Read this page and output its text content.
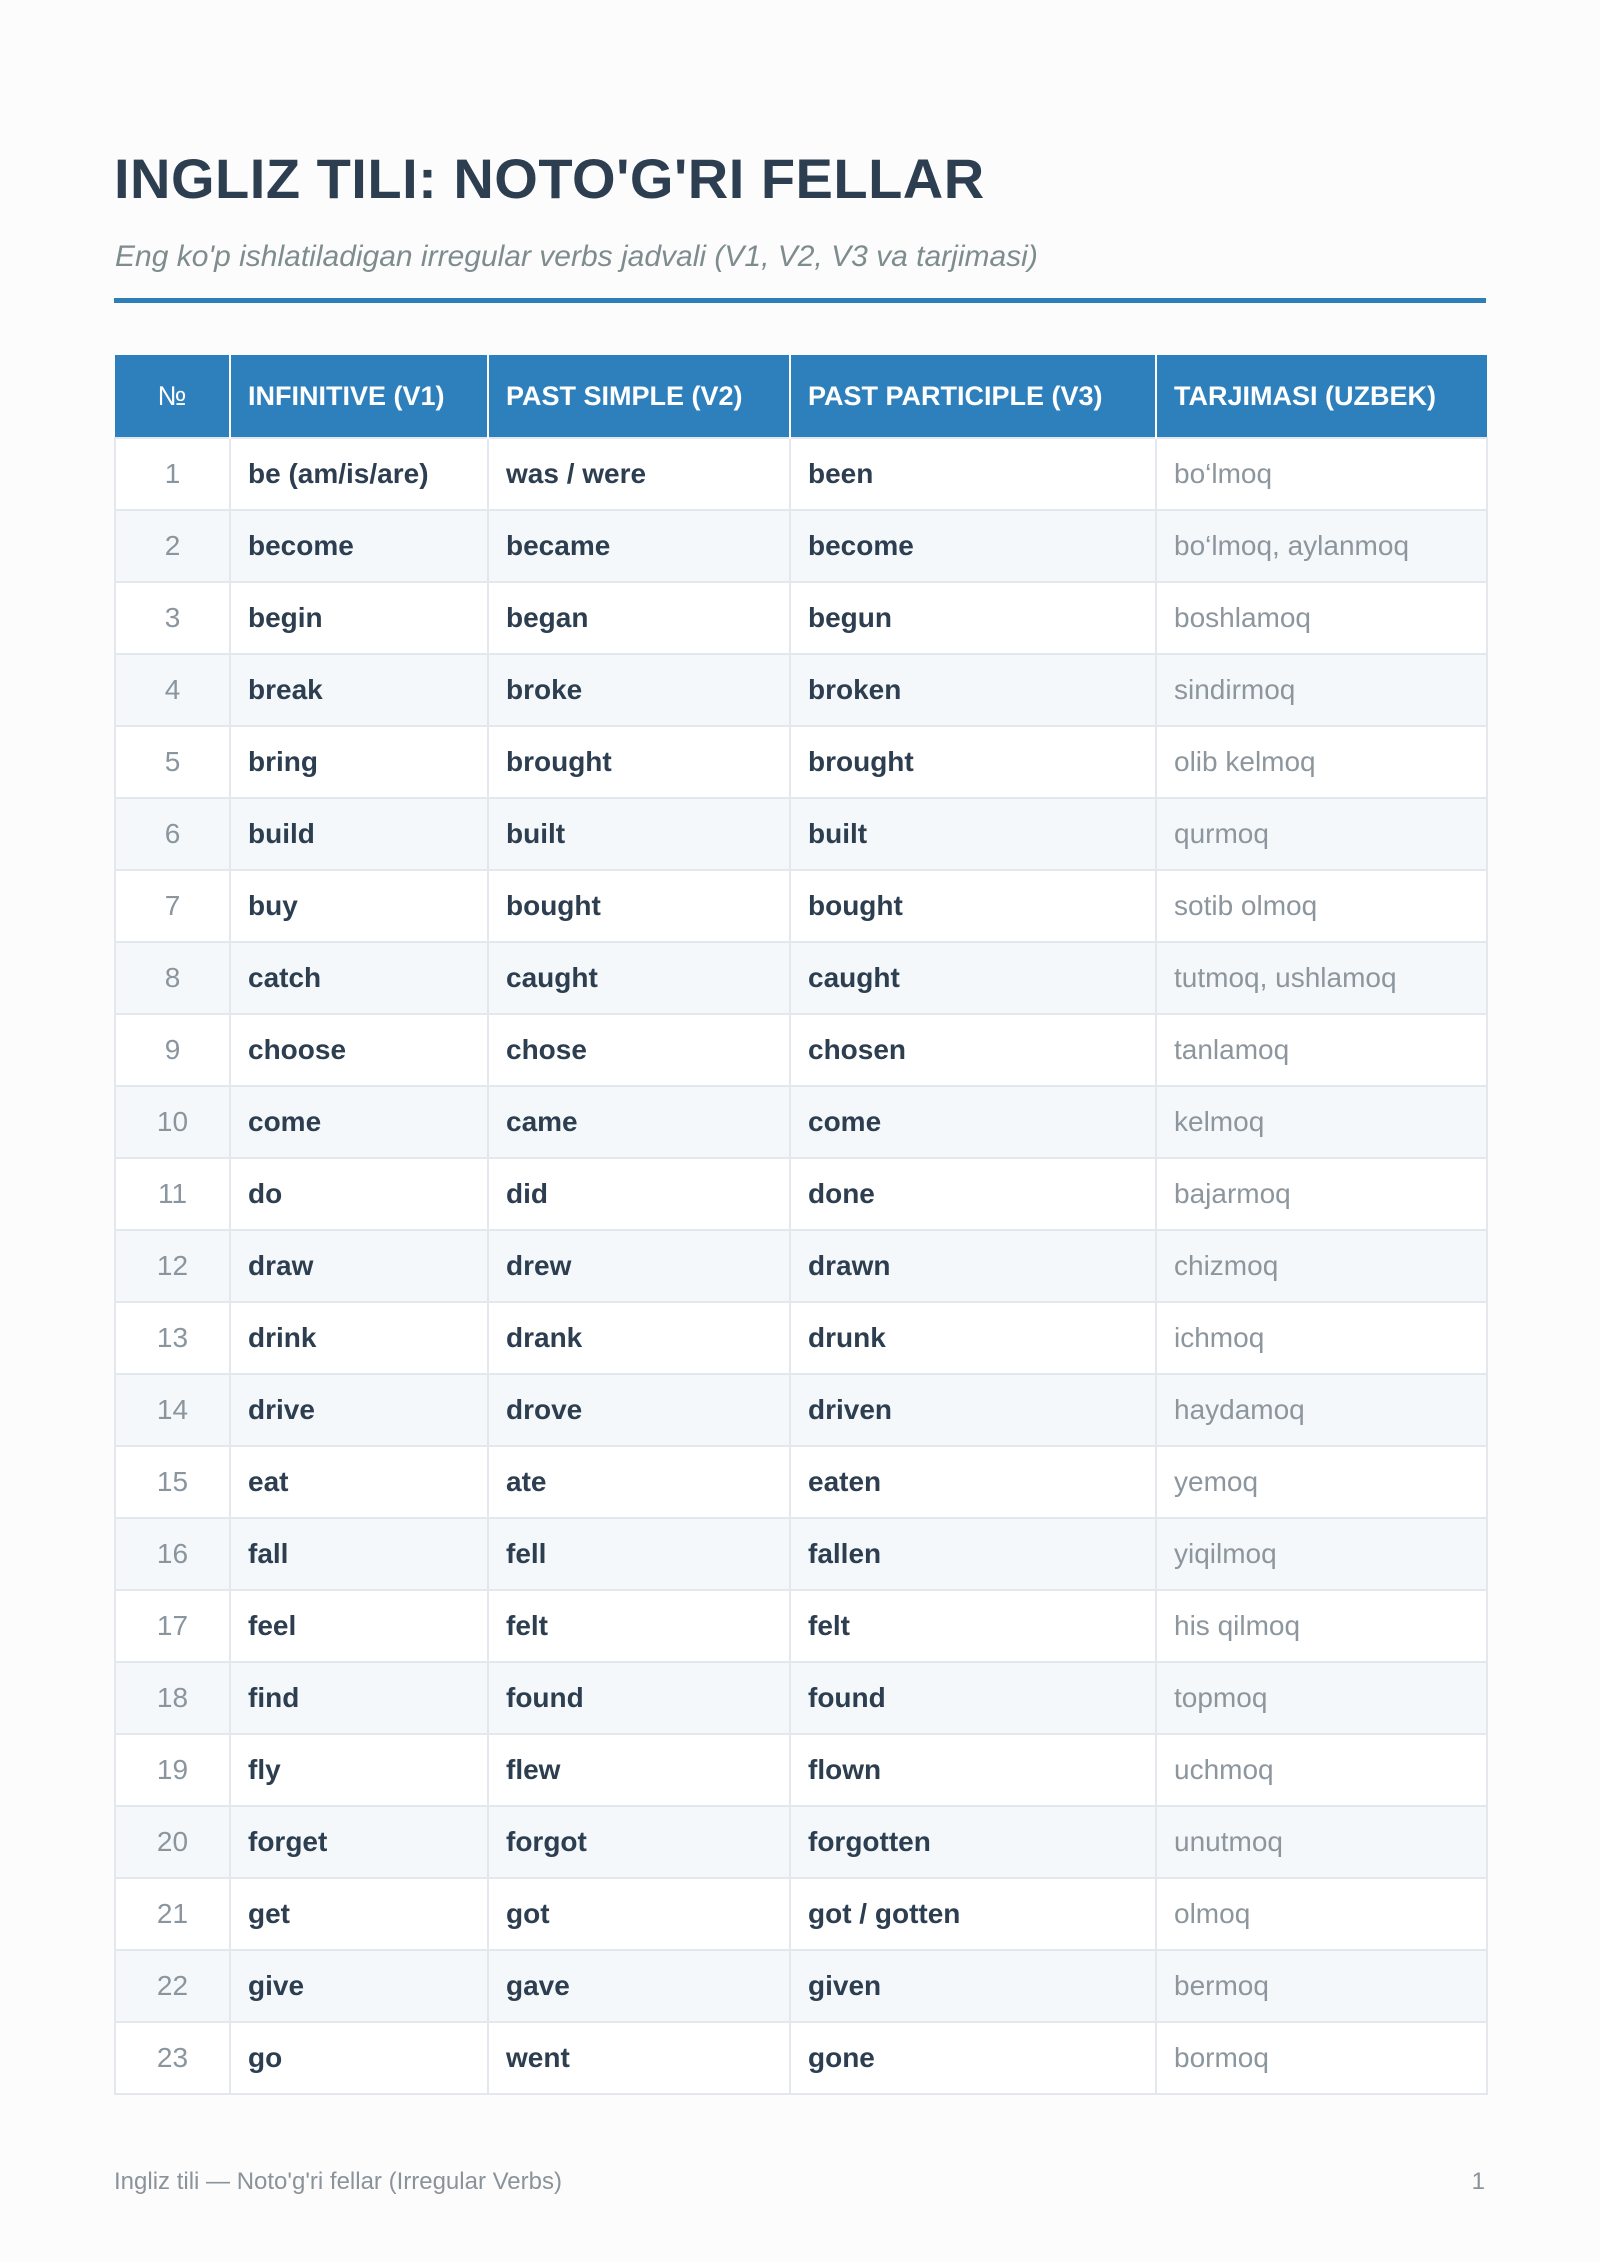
INGLIZ TILI: NOTO'G'RI FELLAR

Eng ko'p ishlatiladigan irregular verbs jadvali (V1, V2, V3 va tarjimasi)

№	INFINITIVE (V1)	PAST SIMPLE (V2)	PAST PARTICIPLE (V3)	TARJIMASI (UZBEK)
1	be (am/is/are)	was / were	been	bo‘lmoq
2	become	became	become	bo‘lmoq, aylanmoq
3	begin	began	begun	boshlamoq
4	break	broke	broken	sindirmoq
5	bring	brought	brought	olib kelmoq
6	build	built	built	qurmoq
7	buy	bought	bought	sotib olmoq
8	catch	caught	caught	tutmoq, ushlamoq
9	choose	chose	chosen	tanlamoq
10	come	came	come	kelmoq
11	do	did	done	bajarmoq
12	draw	drew	drawn	chizmoq
13	drink	drank	drunk	ichmoq
14	drive	drove	driven	haydamoq
15	eat	ate	eaten	yemoq
16	fall	fell	fallen	yiqilmoq
17	feel	felt	felt	his qilmoq
18	find	found	found	topmoq
19	fly	flew	flown	uchmoq
20	forget	forgot	forgotten	unutmoq
21	get	got	got / gotten	olmoq
22	give	gave	given	bermoq
23	go	went	gone	bormoq
Ingliz tili — Noto'g'ri fellar (Irregular Verbs)	1
